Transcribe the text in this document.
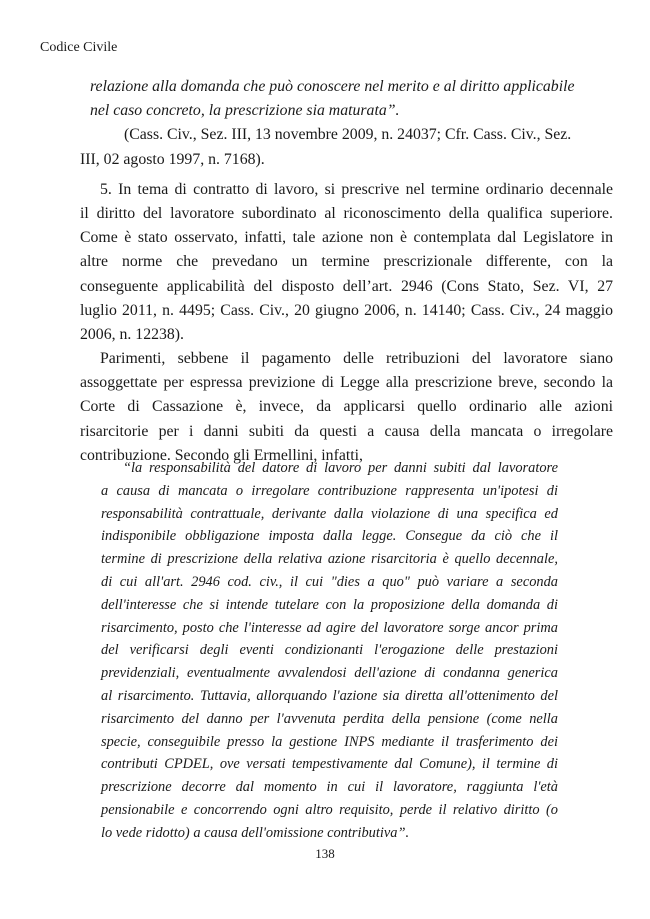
Codice Civile
relazione alla domanda che può conoscere nel merito e al diritto applicabile
nel caso concreto, la prescrizione sia maturata”.
(Cass. Civ., Sez. III, 13 novembre 2009, n. 24037; Cfr. Cass. Civ., Sez.
III, 02 agosto 1997, n. 7168).
5. In tema di contratto di lavoro, si prescrive nel termine ordinario decennale
il diritto del lavoratore subordinato al riconoscimento della qualifica superiore.
Come è stato osservato, infatti, tale azione non è contemplata dal Legislatore in
altre norme che prevedano un termine prescrizionale differente, con la
conseguente applicabilità del disposto dell’art. 2946 (Cons Stato, Sez. VI, 27
luglio 2011, n. 4495; Cass. Civ., 20 giugno 2006, n. 14140; Cass. Civ., 24 maggio
2006, n. 12238).
Parimenti, sebbene il pagamento delle retribuzioni del lavoratore siano
assoggettate per espressa previzione di Legge alla prescrizione breve, secondo la
Corte di Cassazione è, invece, da applicarsi quello ordinario alle azioni
risarcitorie per i danni subiti da questi a causa della mancata o irregolare
contribuzione. Secondo gli Ermellini, infatti,
“la responsabilità del datore di lavoro per danni subiti dal lavoratore
a causa di mancata o irregolare contribuzione rappresenta un'ipotesi di
responsabilità contrattuale, derivante dalla violazione di una specifica ed
indisponibile obbligazione imposta dalla legge. Consegue da ciò che il
termine di prescrizione della relativa azione risarcitoria è quello decennale,
di cui all'art. 2946 cod. civ., il cui "dies a quo" può variare a seconda
dell'interesse che si intende tutelare con la proposizione della domanda di
risarcimento, posto che l'interesse ad agire del lavoratore sorge ancor prima
del verificarsi degli eventi condizionanti l'erogazione delle prestazioni
previdenziali, eventualmente avvalendosi dell'azione di condanna generica
al risarcimento. Tuttavia, allorquando l'azione sia diretta all'ottenimento del
risarcimento del danno per l'avvenuta perdita della pensione (come nella
specie, conseguibile presso la gestione INPS mediante il trasferimento dei
contributi CPDEL, ove versati tempestivamente dal Comune), il termine di
prescrizione decorre dal momento in cui il lavoratore, raggiunta l'età
pensionabile e concorrendo ogni altro requisito, perde il relativo diritto (o
lo vede ridotto) a causa dell'omissione contributiva”.
138
